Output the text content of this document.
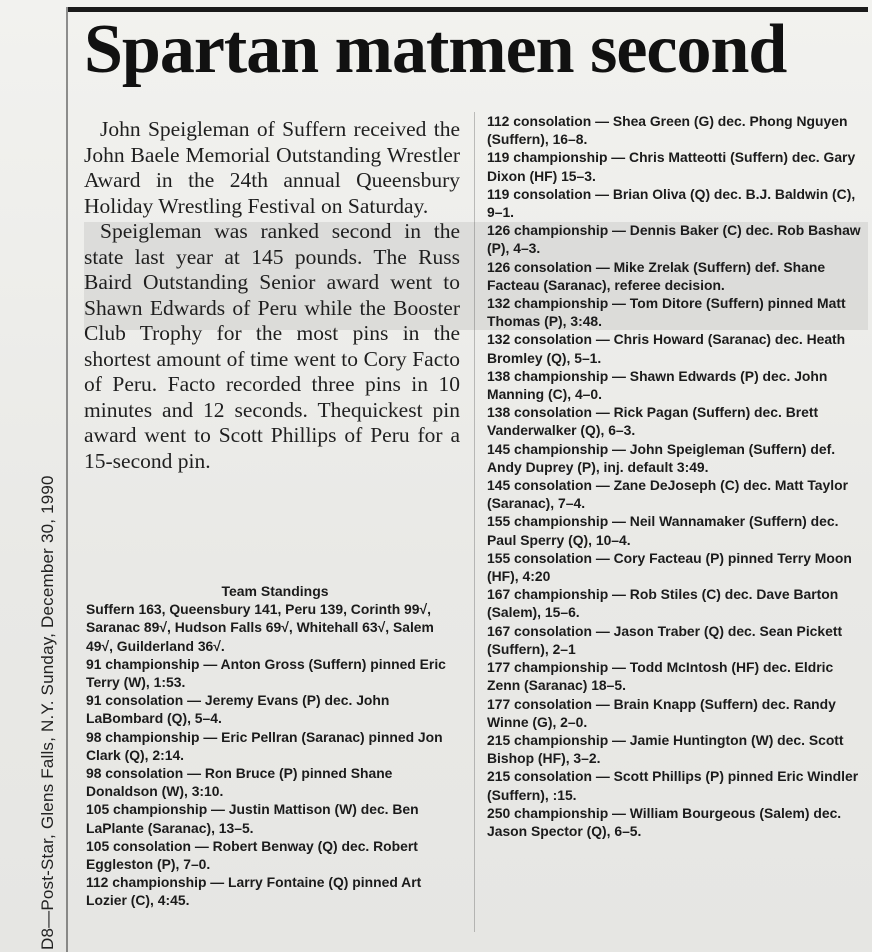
D8—Post-Star, Glens Falls, N.Y. Sunday, December 30, 1990
Spartan matmen second

John Speigleman of Suffern received the John Baele Memorial Outstanding Wrestler Award in the 24th annual Queensbury Holiday Wrestling Festival on Saturday.

Speigleman was ranked second in the state last year at 145 pounds. The Russ Baird Outstanding Senior award went to Shawn Edwards of Peru while the Booster Club Trophy for the most pins in the shortest amount of time went to Cory Facto of Peru. Facto recorded three pins in 10 minutes and 12 seconds. Thequickest pin award went to Scott Phillips of Peru for a 15-second pin.

Team Standings

Suffern 163, Queensbury 141, Peru 139, Corinth 99√, Saranac 89√, Hudson Falls 69√, Whitehall 63√, Salem 49√, Guilderland 36√.

91 championship — Anton Gross (Suffern) pinned Eric Terry (W), 1:53.

91 consolation — Jeremy Evans (P) dec. John LaBombard (Q), 5–4.

98 championship — Eric Pellran (Saranac) pinned Jon Clark (Q), 2:14.

98 consolation — Ron Bruce (P) pinned Shane Donaldson (W), 3:10.

105 championship — Justin Mattison (W) dec. Ben LaPlante (Saranac), 13–5.

105 consolation — Robert Benway (Q) dec. Robert Eggleston (P), 7–0.

112 championship — Larry Fontaine (Q) pinned Art Lozier (C), 4:45.

112 consolation — Shea Green (G) dec. Phong Nguyen (Suffern), 16–8.

119 championship — Chris Matteotti (Suffern) dec. Gary Dixon (HF) 15–3.

119 consolation — Brian Oliva (Q) dec. B.J. Baldwin (C), 9–1.

126 championship — Dennis Baker (C) dec. Rob Bashaw (P), 4–3.

126 consolation — Mike Zrelak (Suffern) def. Shane Facteau (Saranac), referee decision.

132 championship — Tom Ditore (Suffern) pinned Matt Thomas (P), 3:48.

132 consolation — Chris Howard (Saranac) dec. Heath Bromley (Q), 5–1.

138 championship — Shawn Edwards (P) dec. John Manning (C), 4–0.

138 consolation — Rick Pagan (Suffern) dec. Brett Vanderwalker (Q), 6–3.

145 championship — John Speigleman (Suffern) def. Andy Duprey (P), inj. default 3:49.

145 consolation — Zane DeJoseph (C) dec. Matt Taylor (Saranac), 7–4.

155 championship — Neil Wannamaker (Suffern) dec. Paul Sperry (Q), 10–4.

155 consolation — Cory Facteau (P) pinned Terry Moon (HF), 4:20

167 championship — Rob Stiles (C) dec. Dave Barton (Salem), 15–6.

167 consolation — Jason Traber (Q) dec. Sean Pickett (Suffern), 2–1

177 championship — Todd McIntosh (HF) dec. Eldric Zenn (Saranac) 18–5.

177 consolation — Brain Knapp (Suffern) dec. Randy Winne (G), 2–0.

215 championship — Jamie Huntington (W) dec. Scott Bishop (HF), 3–2.

215 consolation — Scott Phillips (P) pinned Eric Windler (Suffern), :15.

250 championship — William Bourgeous (Salem) dec. Jason Spector (Q), 6–5.
